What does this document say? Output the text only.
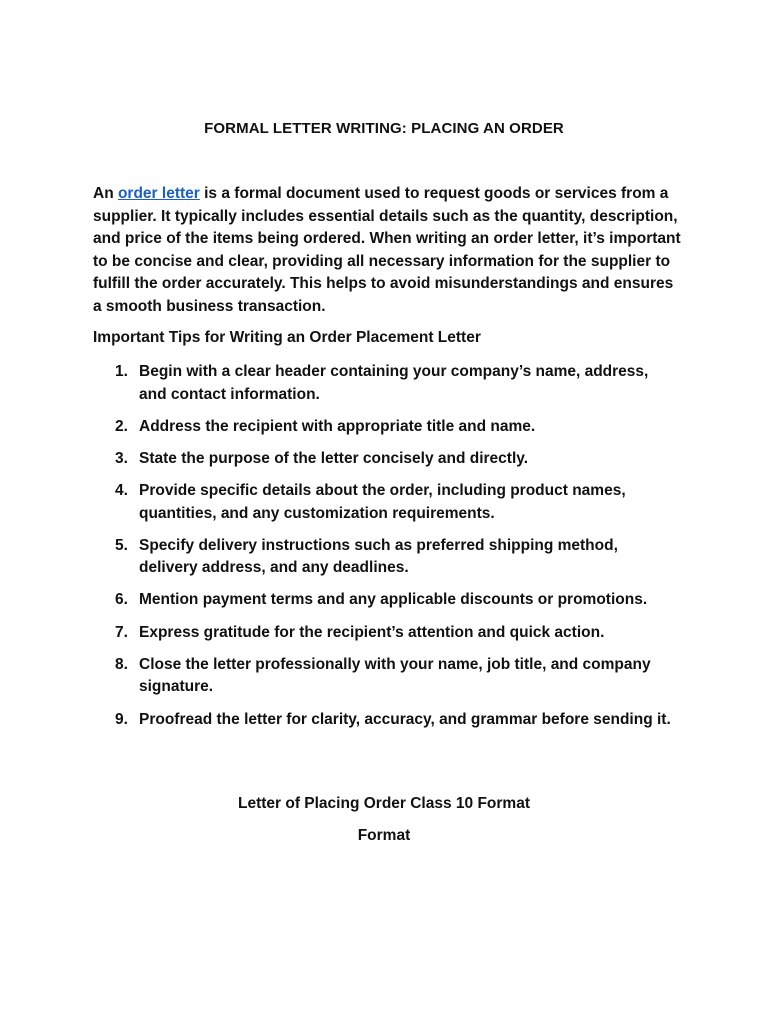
FORMAL LETTER WRITING: PLACING AN ORDER

An order letter is a formal document used to request goods or services from a supplier. It typically includes essential details such as the quantity, description, and price of the items being ordered. When writing an order letter, it’s important to be concise and clear, providing all necessary information for the supplier to fulfill the order accurately. This helps to avoid misunderstandings and ensures a smooth business transaction.

Important Tips for Writing an Order Placement Letter

1. Begin with a clear header containing your company’s name, address, and contact information.
2. Address the recipient with appropriate title and name.
3. State the purpose of the letter concisely and directly.
4. Provide specific details about the order, including product names, quantities, and any customization requirements.
5. Specify delivery instructions such as preferred shipping method, delivery address, and any deadlines.
6. Mention payment terms and any applicable discounts or promotions.
7. Express gratitude for the recipient’s attention and quick action.
8. Close the letter professionally with your name, job title, and company signature.
9. Proofread the letter for clarity, accuracy, and grammar before sending it.
Letter of Placing Order Class 10 Format
Format
